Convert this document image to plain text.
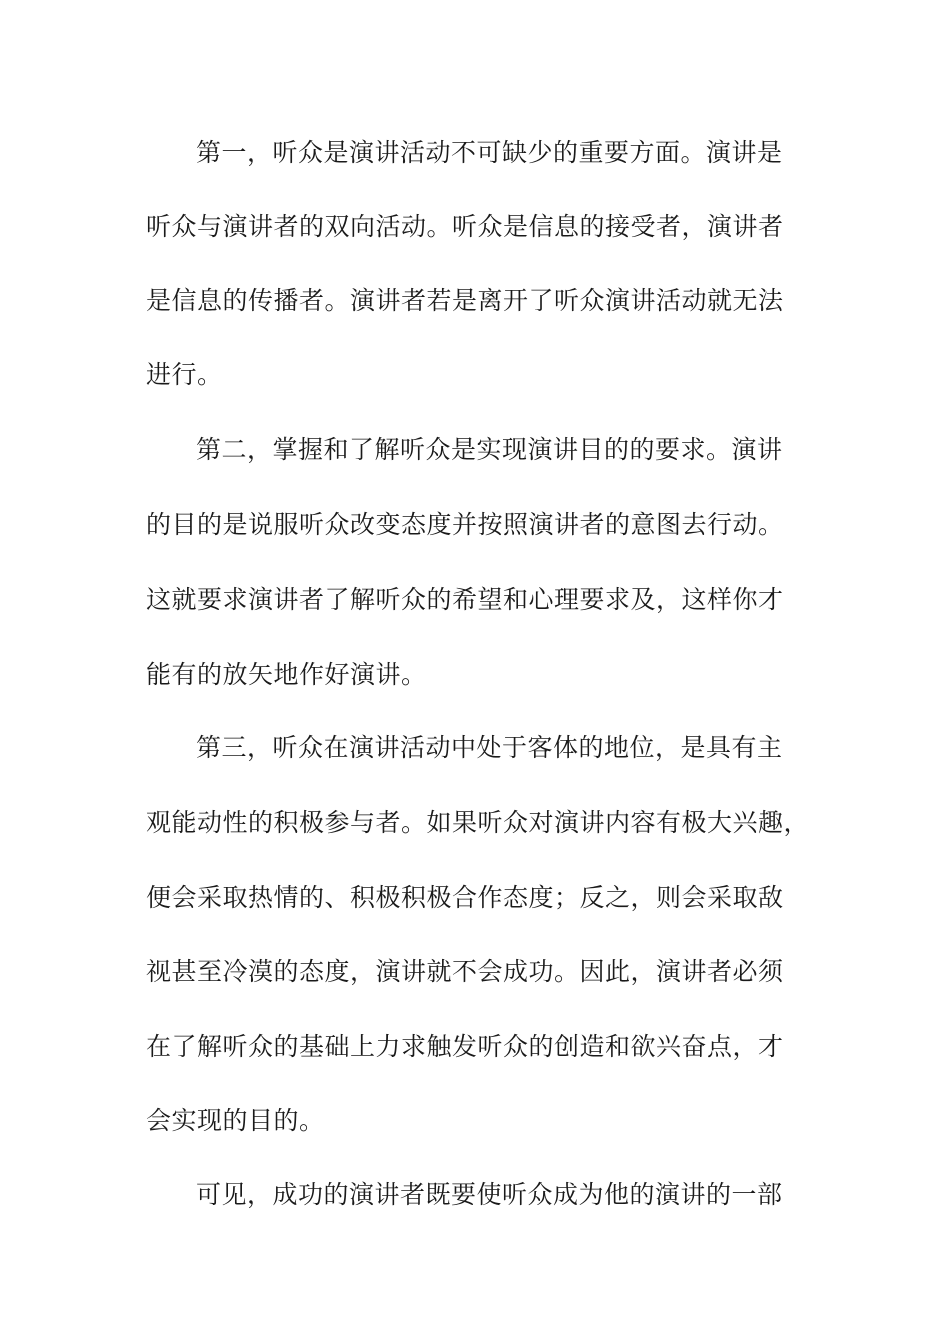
第一，听众是演讲活动不可缺少的重要方面。演讲是
听众与演讲者的双向活动。听众是信息的接受者，演讲者
是信息的传播者。演讲者若是离开了听众演讲活动就无法
进行。
第二，掌握和了解听众是实现演讲目的的要求。演讲
的目的是说服听众改变态度并按照演讲者的意图去行动。
这就要求演讲者了解听众的希望和心理要求及，这样你才
能有的放矢地作好演讲。
第三，听众在演讲活动中处于客体的地位，是具有主
观能动性的积极参与者。如果听众对演讲内容有极大兴趣，
便会采取热情的、积极积极合作态度；反之，则会采取敌
视甚至冷漠的态度，演讲就不会成功。因此，演讲者必须
在了解听众的基础上力求触发听众的创造和欲兴奋点，才
会实现的目的。
可见，成功的演讲者既要使听众成为他的演讲的一部
